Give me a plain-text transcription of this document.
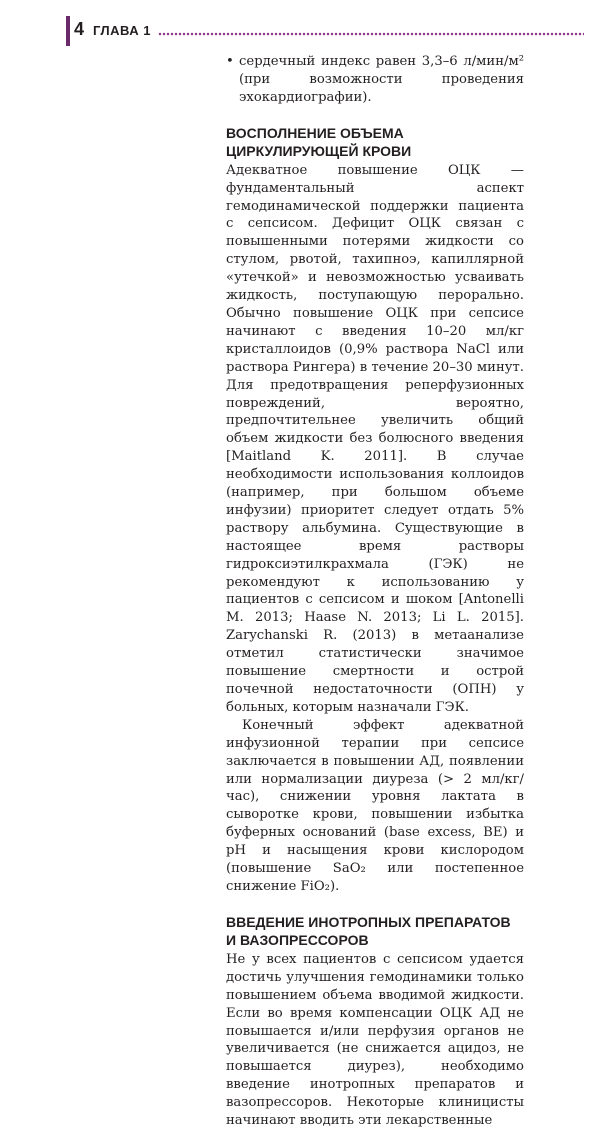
4 ГЛАВА 1
• сердечный индекс равен 3,3–6 л/мин/м² (при возможности проведения эхокардиографии).
ВОСПОЛНЕНИЕ ОБЪЕМА
ЦИРКУЛИРУЮЩЕЙ КРОВИ

Адекватное повышение ОЦК — фундаментальный аспект гемодинамической поддержки пациента с сепсисом. Дефицит ОЦК связан с повышенными потерями жидкости со стулом, рвотой, тахипноэ, капиллярной «утечкой» и невозможностью усваивать жидкость, поступающую перорально. Обычно повышение ОЦК при сепсисе начинают с введения 10–20 мл/кг кристаллоидов (0,9% раствора NaCl или раствора Рингера) в течение 20–30 минут. Для предотвращения реперфузионных повреждений, вероятно, предпочтительнее увеличить общий объем жидкости без болюсного введения [Maitland K. 2011]. В случае необходимости использования коллоидов (например, при большом объеме инфузии) приоритет следует отдать 5% раствору альбумина. Существующие в настоящее время растворы гидроксиэтилкрахмала (ГЭК) не рекомендуют к использованию у пациентов с сепсисом и шоком [Antonelli M. 2013; Haase N. 2013; Li L. 2015]. Zarychanski R. (2013) в метаанализе отметил статистически значимое повышение смертности и острой почечной недостаточности (ОПН) у больных, которым назначали ГЭК.

Конечный эффект адекватной инфузионной терапии при сепсисе заключается в повышении АД, появлении или нормализации диуреза (> 2 мл/кг/час), снижении уровня лактата в сыворотке крови, повышении избытка буферных оснований (base excess, BE) и pH и насыщения крови кислородом (повышение SaO₂ или постепенное снижение FiO₂).

ВВЕДЕНИЕ ИНОТРОПНЫХ ПРЕПАРАТОВ
И ВАЗОПРЕССОРОВ

Не у всех пациентов с сепсисом удается достичь улучшения гемодинамики только повышением объема вводимой жидкости. Если во время компенсации ОЦК АД не повышается и/или перфузия органов не увеличивается (не снижается ацидоз, не повышается диурез), необходимо введение инотропных препаратов и вазопрессоров. Некоторые клиницисты начинают вводить эти лекарственные
